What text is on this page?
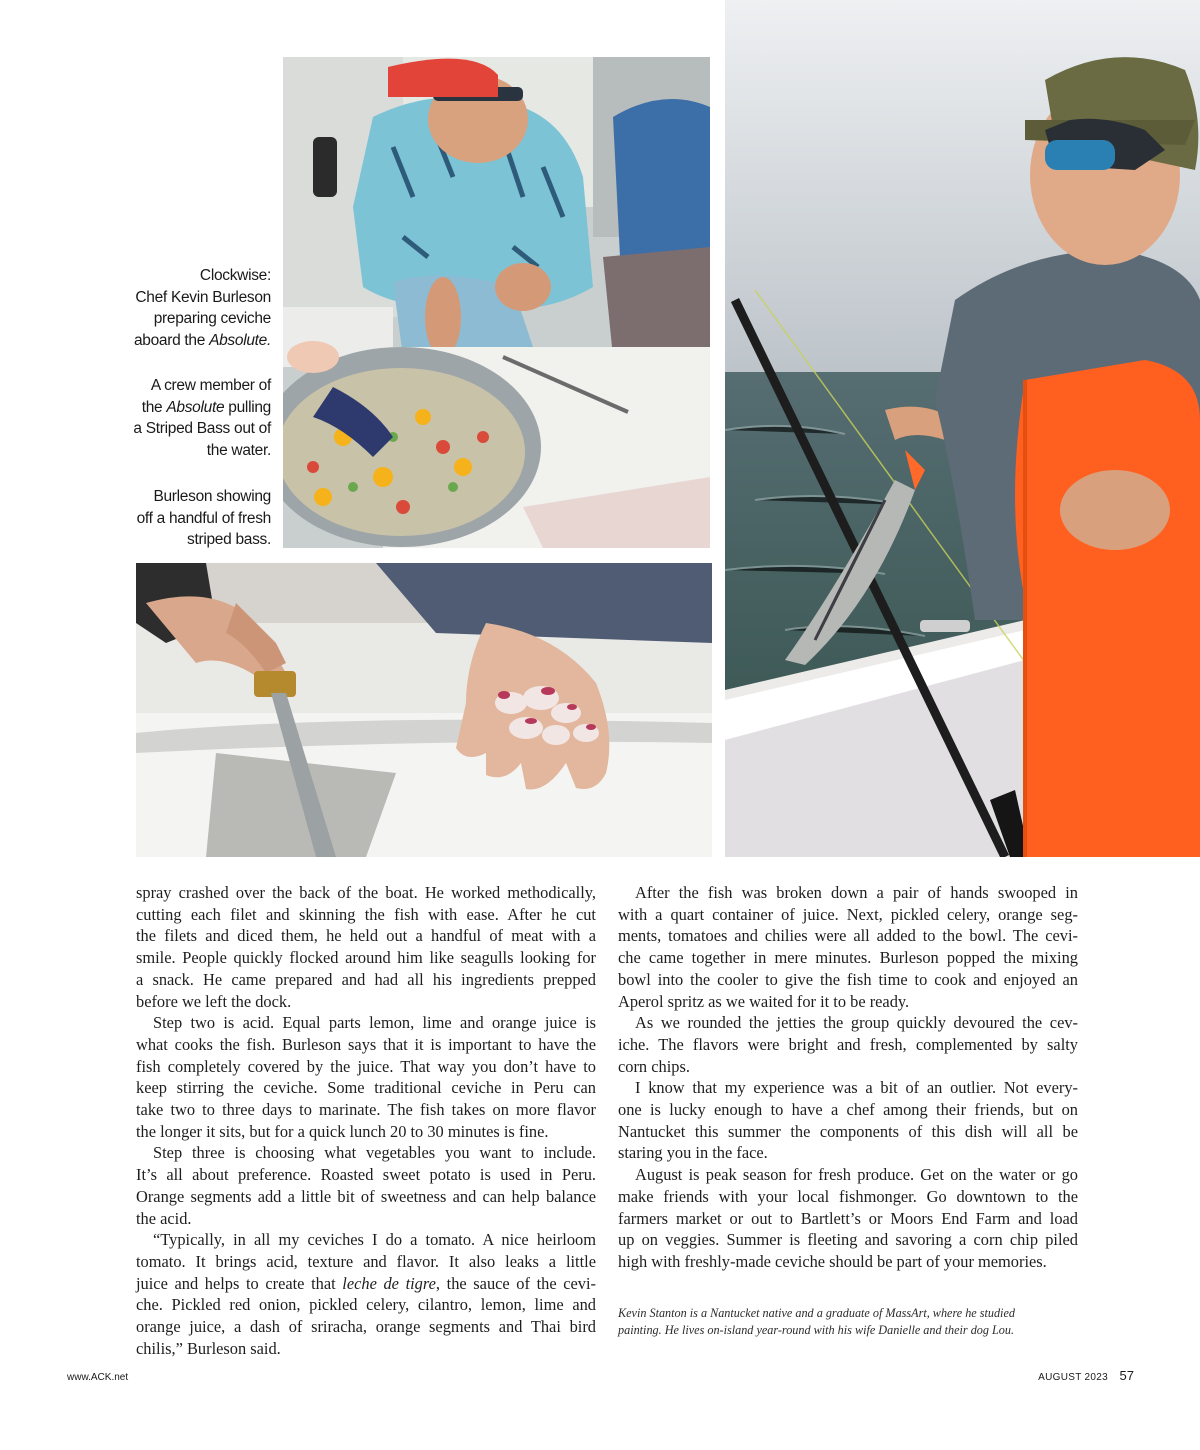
Clockwise:
Chef Kevin Burleson
preparing ceviche
aboard the Absolute.
A crew member of
the Absolute pulling
a Striped Bass out of
the water.
Burleson showing
off a handful of fresh
striped bass.
spray crashed over the back of the boat. He worked methodically,
cutting each filet and skinning the fish with ease. After he cut
the filets and diced them, he held out a handful of meat with a
smile. People quickly flocked around him like seagulls looking for
a snack. He came prepared and had all his ingredients prepped
before we left the dock.
Step two is acid. Equal parts lemon, lime and orange juice is
what cooks the fish. Burleson says that it is important to have the
fish completely covered by the juice. That way you don’t have to
keep stirring the ceviche. Some traditional ceviche in Peru can
take two to three days to marinate. The fish takes on more flavor
the longer it sits, but for a quick lunch 20 to 30 minutes is fine.
Step three is choosing what vegetables you want to include.
It’s all about preference. Roasted sweet potato is used in Peru.
Orange segments add a little bit of sweetness and can help balance
the acid.
“Typically, in all my ceviches I do a tomato. A nice heirloom
tomato. It brings acid, texture and flavor. It also leaks a little
juice and helps to create that leche de tigre, the sauce of the cevi-
che. Pickled red onion, pickled celery, cilantro, lemon, lime and
orange juice, a dash of sriracha, orange segments and Thai bird
chilis,” Burleson said.
After the fish was broken down a pair of hands swooped in
with a quart container of juice. Next, pickled celery, orange seg-
ments, tomatoes and chilies were all added to the bowl. The cevi-
che came together in mere minutes. Burleson popped the mixing
bowl into the cooler to give the fish time to cook and enjoyed an
Aperol spritz as we waited for it to be ready.
As we rounded the jetties the group quickly devoured the cev-
iche. The flavors were bright and fresh, complemented by salty
corn chips.
I know that my experience was a bit of an outlier. Not every-
one is lucky enough to have a chef among their friends, but on
Nantucket this summer the components of this dish will all be
staring you in the face.
August is peak season for fresh produce. Get on the water or go
make friends with your local fishmonger. Go downtown to the
farmers market or out to Bartlett’s or Moors End Farm and load
up on veggies. Summer is fleeting and savoring a corn chip piled
high with freshly-made ceviche should be part of your memories.
Kevin Stanton is a Nantucket native and a graduate of MassArt, where he studied
painting. He lives on-island year-round with his wife Danielle and their dog Lou.
www.ACK.net	AUGUST 2023 57
